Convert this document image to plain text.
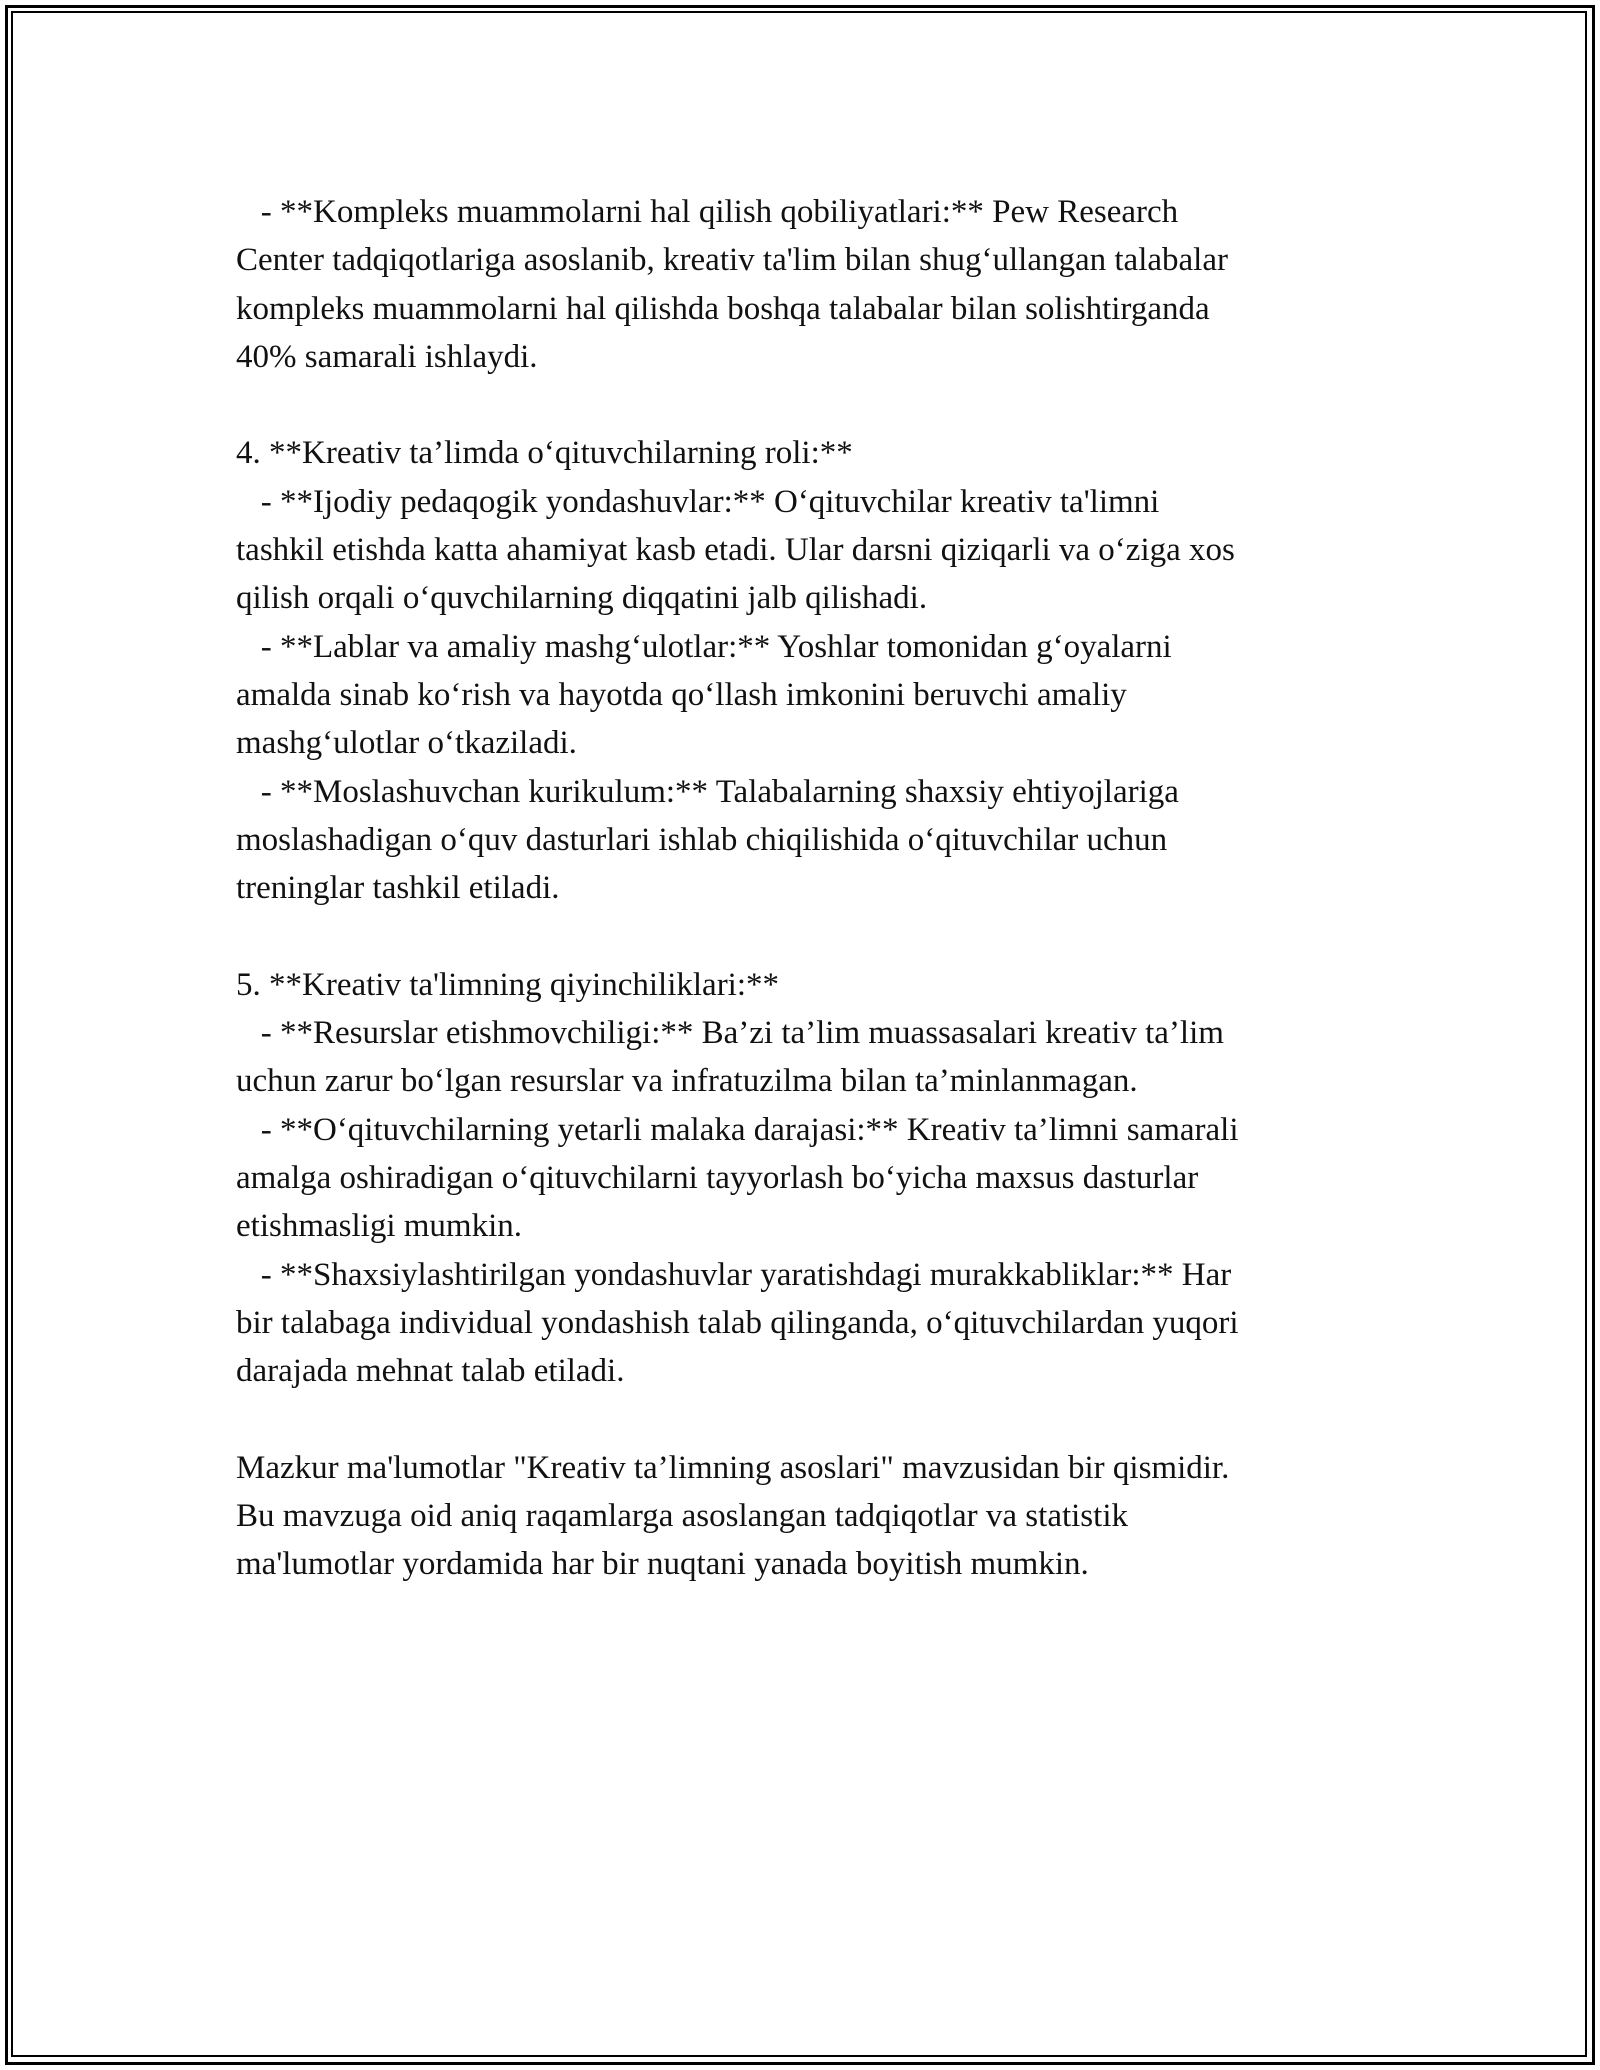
- **Kompleks muammolarni hal qilish qobiliyatlari:** Pew Research
Center tadqiqotlariga asoslanib, kreativ ta'lim bilan shug‘ullangan talabalar
kompleks muammolarni hal qilishda boshqa talabalar bilan solishtirganda
40% samarali ishlaydi.
4. **Kreativ ta’limda o‘qituvchilarning roli:**
- **Ijodiy pedaqogik yondashuvlar:** O‘qituvchilar kreativ ta'limni
tashkil etishda katta ahamiyat kasb etadi. Ular darsni qiziqarli va o‘ziga xos
qilish orqali o‘quvchilarning diqqatini jalb qilishadi.
- **Lablar va amaliy mashg‘ulotlar:** Yoshlar tomonidan g‘oyalarni
amalda sinab ko‘rish va hayotda qo‘llash imkonini beruvchi amaliy
mashg‘ulotlar o‘tkaziladi.
- **Moslashuvchan kurikulum:** Talabalarning shaxsiy ehtiyojlariga
moslashadigan o‘quv dasturlari ishlab chiqilishida o‘qituvchilar uchun
treninglar tashkil etiladi.
5. **Kreativ ta'limning qiyinchiliklari:**
- **Resurslar etishmovchiligi:** Ba’zi ta’lim muassasalari kreativ ta’lim
uchun zarur bo‘lgan resurslar va infratuzilma bilan ta’minlanmagan.
- **O‘qituvchilarning yetarli malaka darajasi:** Kreativ ta’limni samarali
amalga oshiradigan o‘qituvchilarni tayyorlash bo‘yicha maxsus dasturlar
etishmasligi mumkin.
- **Shaxsiylashtirilgan yondashuvlar yaratishdagi murakkabliklar:** Har
bir talabaga individual yondashish talab qilinganda, o‘qituvchilardan yuqori
darajada mehnat talab etiladi.
Mazkur ma'lumotlar "Kreativ ta’limning asoslari" mavzusidan bir qismidir.
Bu mavzuga oid aniq raqamlarga asoslangan tadqiqotlar va statistik
ma'lumotlar yordamida har bir nuqtani yanada boyitish mumkin.
